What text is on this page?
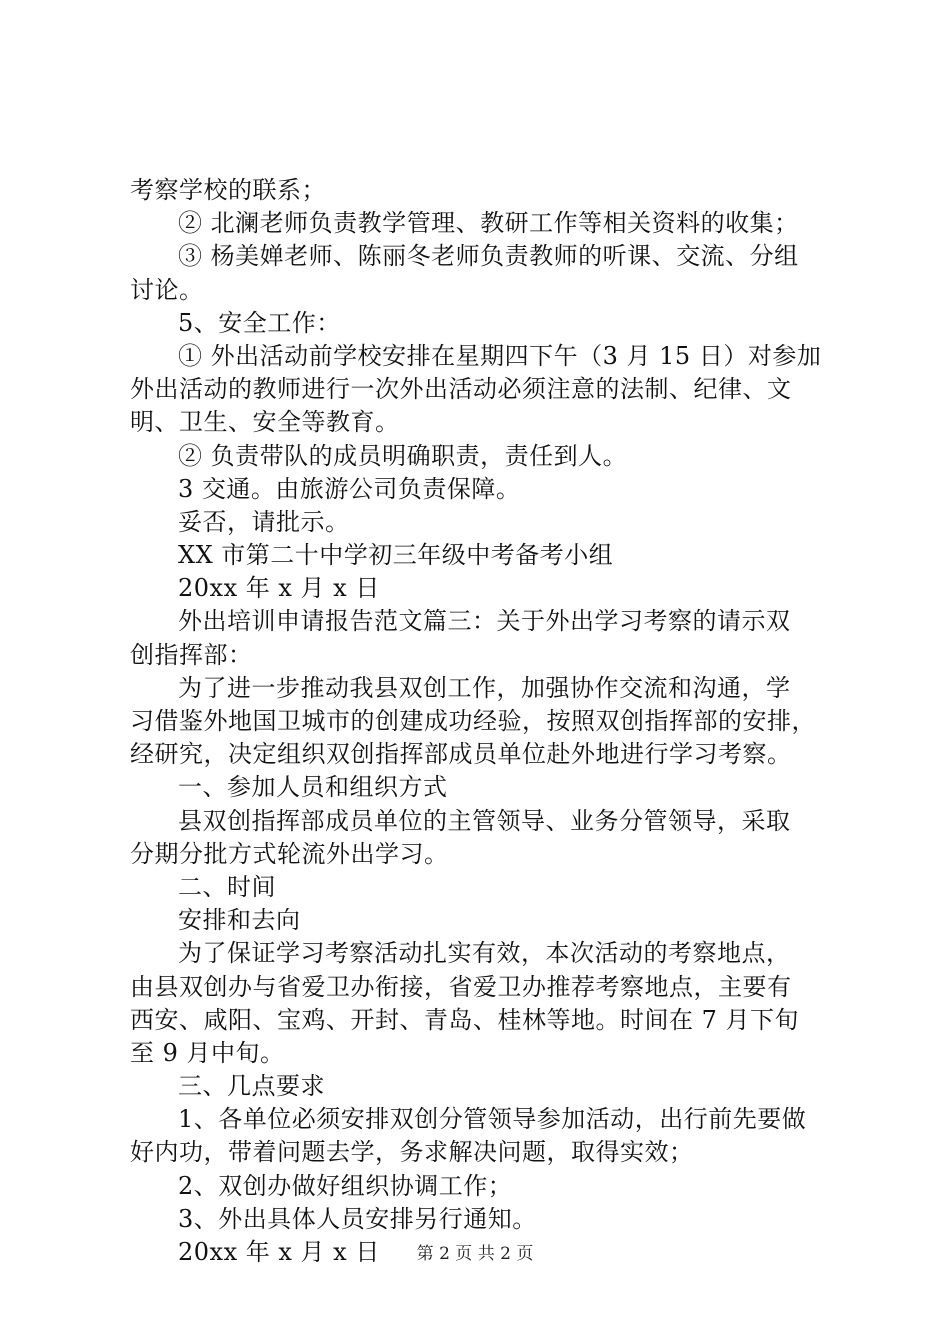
考察学校的联系；
② 北澜老师负责教学管理、教研工作等相关资料的收集；
③ 杨美婵老师、陈丽冬老师负责教师的听课、交流、分组
讨论。
5、安全工作：
① 外出活动前学校安排在星期四下午（3 月 15 日）对参加
外出活动的教师进行一次外出活动必须注意的法制、纪律、文
明、卫生、安全等教育。
② 负责带队的成员明确职责，责任到人。
3 交通。由旅游公司负责保障。
妥否，请批示。
XX 市第二十中学初三年级中考备考小组
20xx 年 x 月 x 日
外出培训申请报告范文篇三：关于外出学习考察的请示双
创指挥部：
为了进一步推动我县双创工作，加强协作交流和沟通，学
习借鉴外地国卫城市的创建成功经验，按照双创指挥部的安排，
经研究，决定组织双创指挥部成员单位赴外地进行学习考察。
一、参加人员和组织方式
县双创指挥部成员单位的主管领导、业务分管领导，采取
分期分批方式轮流外出学习。
二、时间
安排和去向
为了保证学习考察活动扎实有效，本次活动的考察地点，
由县双创办与省爱卫办衔接，省爱卫办推荐考察地点，主要有
西安、咸阳、宝鸡、开封、青岛、桂林等地。时间在 7 月下旬
至 9 月中旬。
三、几点要求
1、各单位必须安排双创分管领导参加活动，出行前先要做
好内功，带着问题去学，务求解决问题，取得实效；
2、双创办做好组织协调工作；
3、外出具体人员安排另行通知。
20xx 年 x 月 x 日	第 2 页 共 2 页
